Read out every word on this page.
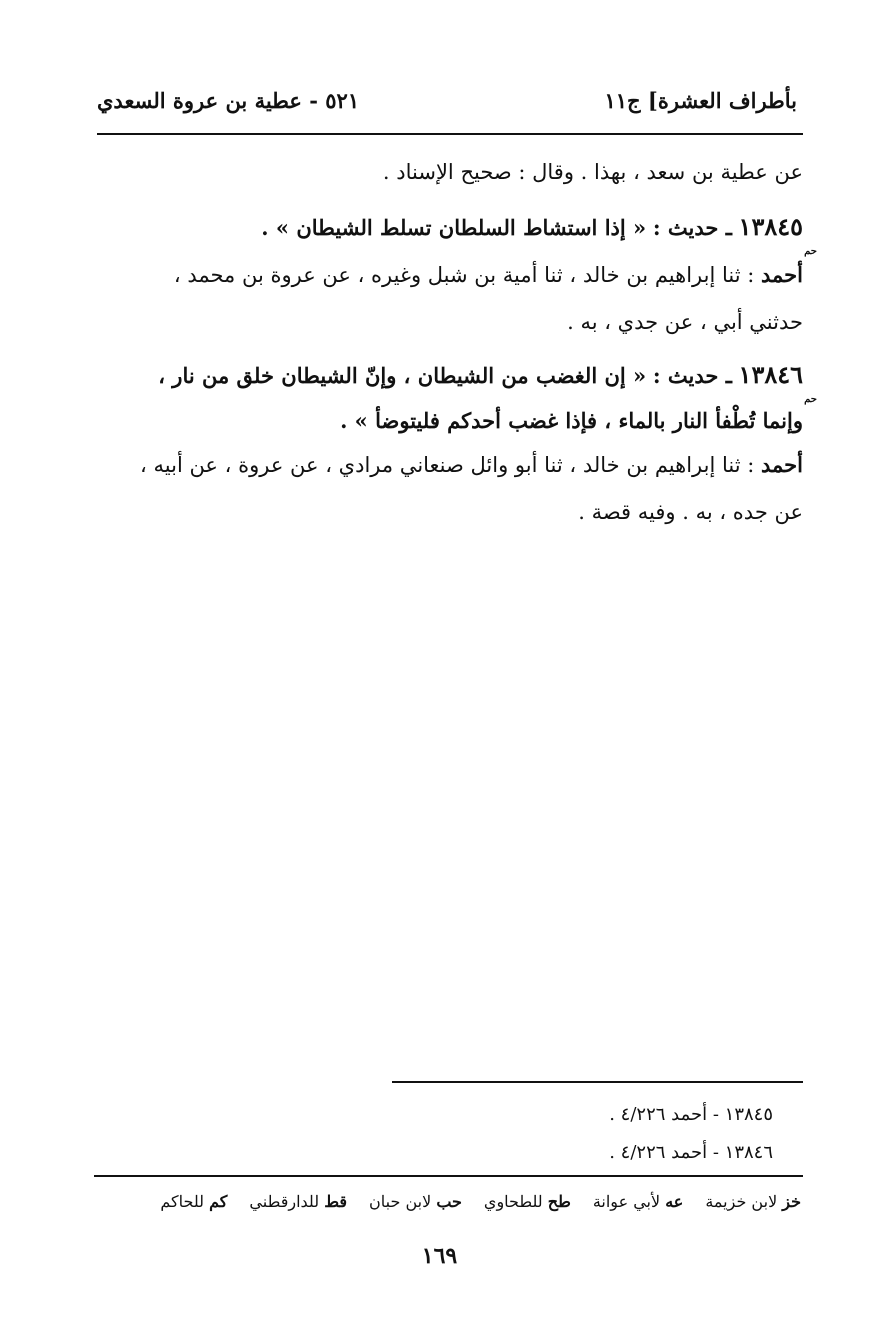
بأطراف العشرة] ج١١
٥٢١ - عطية بن عروة السعدي
عن عطية بن سعد ، بهذا . وقال : صحيح الإسناد .
١٣٨٤٥ ـ حديث : « إذا استشاط السلطان تسلط الشيطان » .
حم
أحمد : ثنا إبراهيم بن خالد ، ثنا أمية بن شبل وغيره ، عن عروة بن محمد ،
حدثني أبي ، عن جدي ، به .
١٣٨٤٦ ـ حديث : « إن الغضب من الشيطان ، وإنّ الشيطان خلق من نار ،
حم
وإنما تُطْفأ النار بالماء ، فإذا غضب أحدكم فليتوضأ » .
أحمد : ثنا إبراهيم بن خالد ، ثنا أبو وائل صنعاني مرادي ، عن عروة ، عن أبيه ،
عن جده ، به . وفيه قصة .
١٣٨٤٥ - أحمد ٤/٢٢٦ .
١٣٨٤٦ - أحمد ٤/٢٢٦ .
خز لابن خزيمة
عه لأبي عوانة
طح للطحاوي
حب لابن حبان
قط للدارقطني
كم للحاكم
١٦٩
